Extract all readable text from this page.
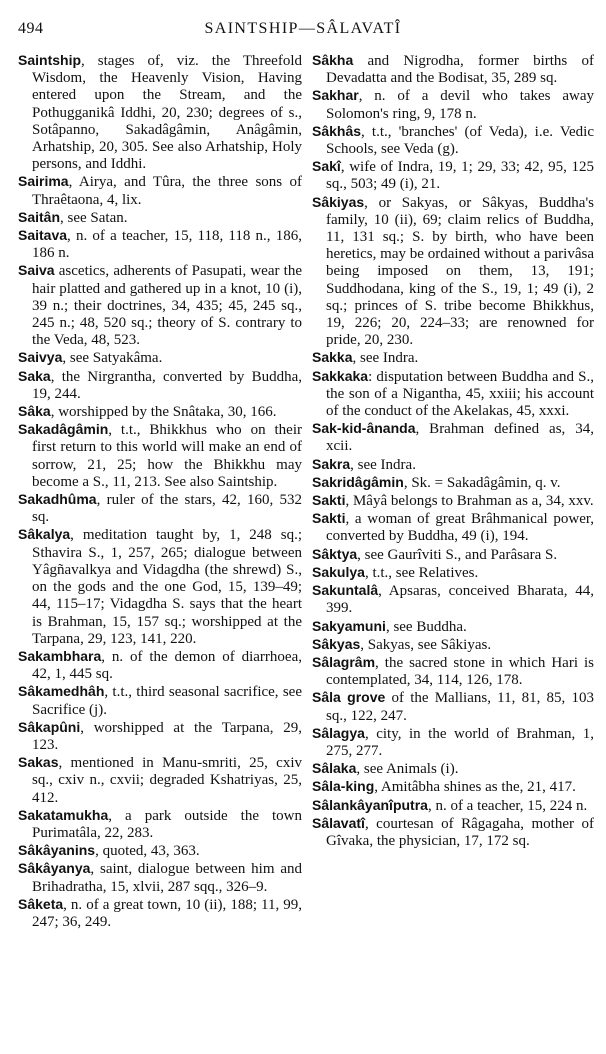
494	SAINTSHIP—SÂLAVATÎ

Saintship, stages of, viz. the Threefold Wisdom, the Heavenly Vision, Having entered upon the Stream, and the Pothugganikâ Iddhi, 20, 230; degrees of s., Sotâpanno, Sakadâgâmin, Anâgâmin, Arhatship, 20, 305. See also Arhatship, Holy persons, and Iddhi.

Sairima, Airya, and Tûra, the three sons of Thraêtaona, 4, lix.

Saitân, see Satan.

Saitava, n. of a teacher, 15, 118, 118 n., 186, 186 n.

Saiva ascetics, adherents of Pasupati, wear the hair platted and gathered up in a knot, 10 (i), 39 n.; their doctrines, 34, 435; 45, 245 sq., 245 n.; 48, 520 sq.; theory of S. contrary to the Veda, 48, 523.

Saivya, see Satyakâma.

Saka, the Nirgrantha, converted by Buddha, 19, 244.

Sâka, worshipped by the Snâtaka, 30, 166.

Sakadâgâmin, t.t., Bhikkhus who on their first return to this world will make an end of sorrow, 21, 25; how the Bhikkhu may become a S., 11, 213. See also Saintship.

Sakadhûma, ruler of the stars, 42, 160, 532 sq.

Sâkalya, meditation taught by, 1, 248 sq.; Sthavira S., 1, 257, 265; dialogue between Yâgñavalkya and Vidagdha (the shrewd) S., on the gods and the one God, 15, 139–49; 44, 115–17; Vidagdha S. says that the heart is Brahman, 15, 157 sq.; worshipped at the Tarpana, 29, 123, 141, 220.

Sakambhara, n. of the demon of diarrhoea, 42, 1, 445 sq.

Sâkamedhâh, t.t., third seasonal sacrifice, see Sacrifice (j).

Sâkapûni, worshipped at the Tarpana, 29, 123.

Sakas, mentioned in Manu-smriti, 25, cxiv sq., cxiv n., cxvii; degraded Kshatriyas, 25, 412.

Sakatamukha, a park outside the town Purimatâla, 22, 283.

Sâkâyanins, quoted, 43, 363.

Sâkâyanya, saint, dialogue between him and Brihadratha, 15, xlvii, 287 sqq., 326–9.

Sâketa, n. of a great town, 10 (ii), 188; 11, 99, 247; 36, 249.

Sâkha and Nigrodha, former births of Devadatta and the Bodisat, 35, 289 sq.

Sakhar, n. of a devil who takes away Solomon's ring, 9, 178 n.

Sâkhâs, t.t., 'branches' (of Veda), i.e. Vedic Schools, see Veda (g).

Sakî, wife of Indra, 19, 1; 29, 33; 42, 95, 125 sq., 503; 49 (i), 21.

Sâkiyas, or Sakyas, or Sâkyas, Buddha's family, 10 (ii), 69; claim relics of Buddha, 11, 131 sq.; S. by birth, who have been heretics, may be ordained without a parivâsa being imposed on them, 13, 191; Suddhodana, king of the S., 19, 1; 49 (i), 2 sq.; princes of S. tribe become Bhikkhus, 19, 226; 20, 224–33; are renowned for pride, 20, 230.

Sakka, see Indra.

Sakkaka: disputation between Buddha and S., the son of a Nigantha, 45, xxiii; his account of the conduct of the Akelakas, 45, xxxi.

Sak-kid-ânanda, Brahman defined as, 34, xcii.

Sakra, see Indra.

Sakridâgâmin, Sk. = Sakadâgâmin, q. v.

Sakti, Mâyâ belongs to Brahman as a, 34, xxv.

Sakti, a woman of great Brâhmanical power, converted by Buddha, 49 (i), 194.

Sâktya, see Gaurîviti S., and Parâsara S.

Sakulya, t.t., see Relatives.

Sakuntalâ, Apsaras, conceived Bharata, 44, 399.

Sakyamuni, see Buddha.

Sâkyas, Sakyas, see Sâkiyas.

Sâlagrâm, the sacred stone in which Hari is contemplated, 34, 114, 126, 178.

Sâla grove of the Mallians, 11, 81, 85, 103 sq., 122, 247.

Sâlagya, city, in the world of Brahman, 1, 275, 277.

Sâlaka, see Animals (i).

Sâla-king, Amitâbha shines as the, 21, 417.

Sâlankâyanîputra, n. of a teacher, 15, 224 n.

Sâlavatî, courtesan of Râgagaha, mother of Gîvaka, the physician, 17, 172 sq.
